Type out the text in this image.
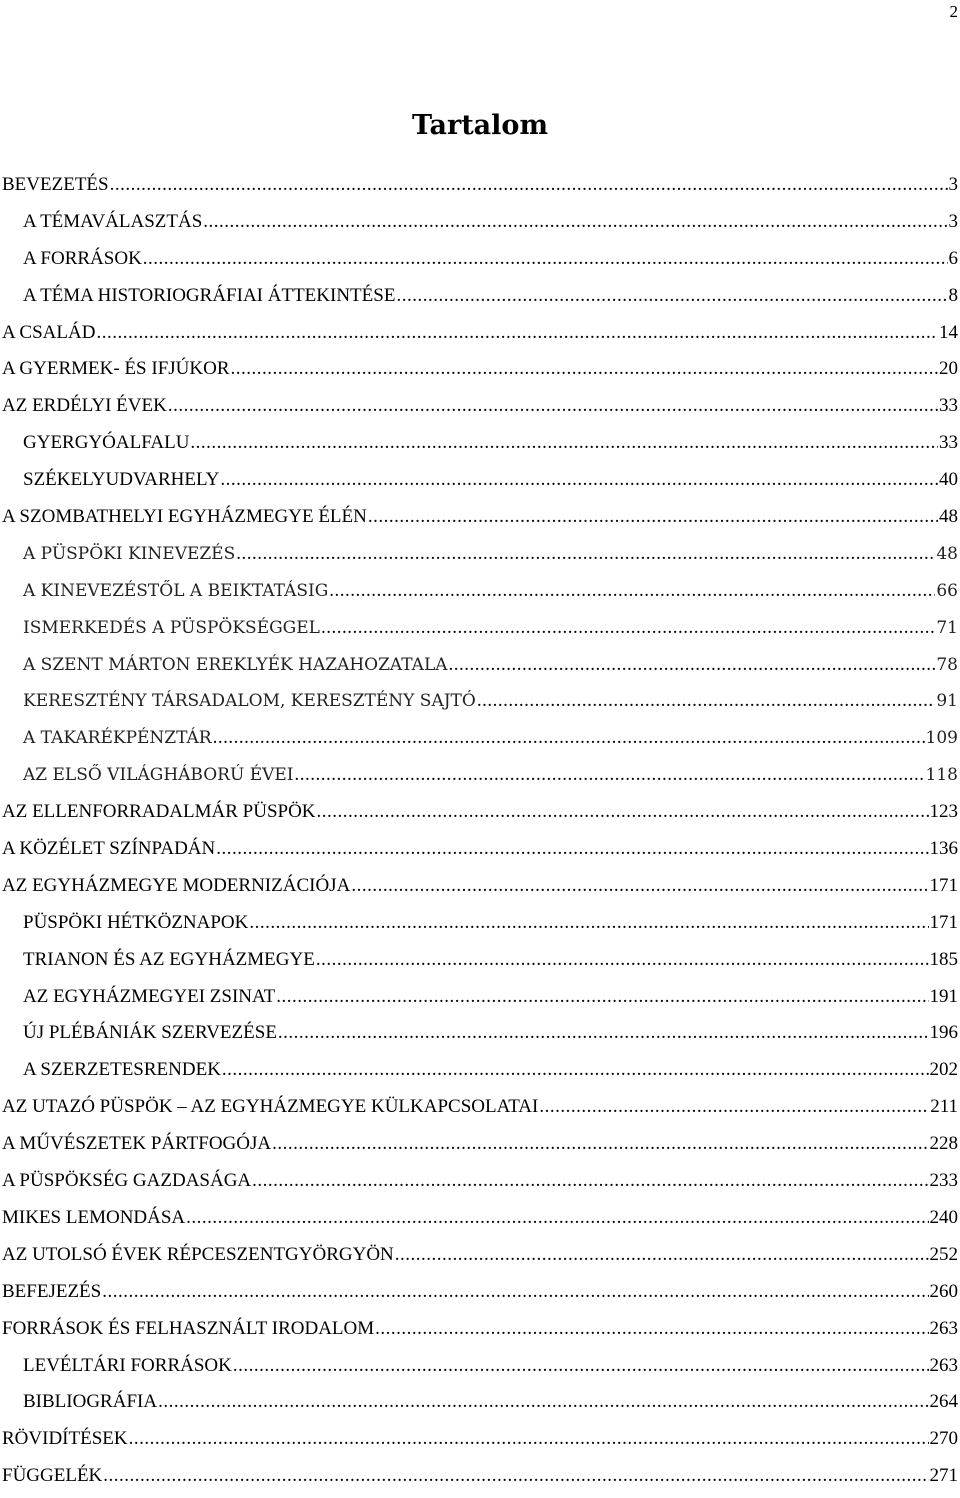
2
Tartalom
BEVEZETÉS .....	3
A TÉMAVÁLASZTÁS .....	3
A FORRÁSOK .....	6
A TÉMA HISTORIOGRÁFIAI ÁTTEKINTÉSE .....	8
A CSALÁD .....	14
A GYERMEK- ÉS IFJÚKOR .....	20
AZ ERDÉLYI ÉVEK .....	33
GYERGYÓALFALU .....	33
SZÉKELYUDVARHELY .....	40
A SZOMBATHELYI EGYHÁZMEGYE ÉLÉN .....	48
A PÜSPÖKI KINEVEZÉS .....	48
A KINEVEZÉSTŐL A BEIKTATÁSIG .....	66
ISMERKEDÉS A PÜSPÖKSÉGGEL .....	71
A SZENT MÁRTON EREKLYÉK HAZAHOZATALA .....	78
KERESZTÉNY TÁRSADALOM, KERESZTÉNY SAJTÓ .....	91
A TAKARÉKPÉNZTÁR .....	109
AZ ELSŐ VILÁGHÁBORÚ ÉVEI .....	118
AZ ELLENFORRADALMÁR PÜSPÖK .....	123
A KÖZÉLET SZÍNPADÁN .....	136
AZ EGYHÁZMEGYE MODERNIZÁCIÓJA .....	171
PÜSPÖKI HÉTKÖZNAPOK .....	171
TRIANON ÉS AZ EGYHÁZMEGYE .....	185
AZ EGYHÁZMEGYEI ZSINAT .....	191
ÚJ PLÉBÁNIÁK SZERVEZÉSE .....	196
A SZERZETESRENDEK .....	202
AZ UTAZÓ PÜSPÖK – AZ EGYHÁZMEGYE KÜLKAPCSOLATAI .....	211
A MŰVÉSZETEK PÁRTFOGÓJA .....	228
A PÜSPÖKSÉG GAZDASÁGA .....	233
MIKES LEMONDÁSA .....	240
AZ UTOLSÓ ÉVEK RÉPCESZENTGYÖRGYÖN .....	252
BEFEJEZÉS .....	260
FORRÁSOK ÉS FELHASZNÁLT IRODALOM .....	263
LEVÉLTÁRI FORRÁSOK .....	263
BIBLIOGRÁFIA .....	264
RÖVIDÍTÉSEK .....	270
FÜGGELÉK .....	271
